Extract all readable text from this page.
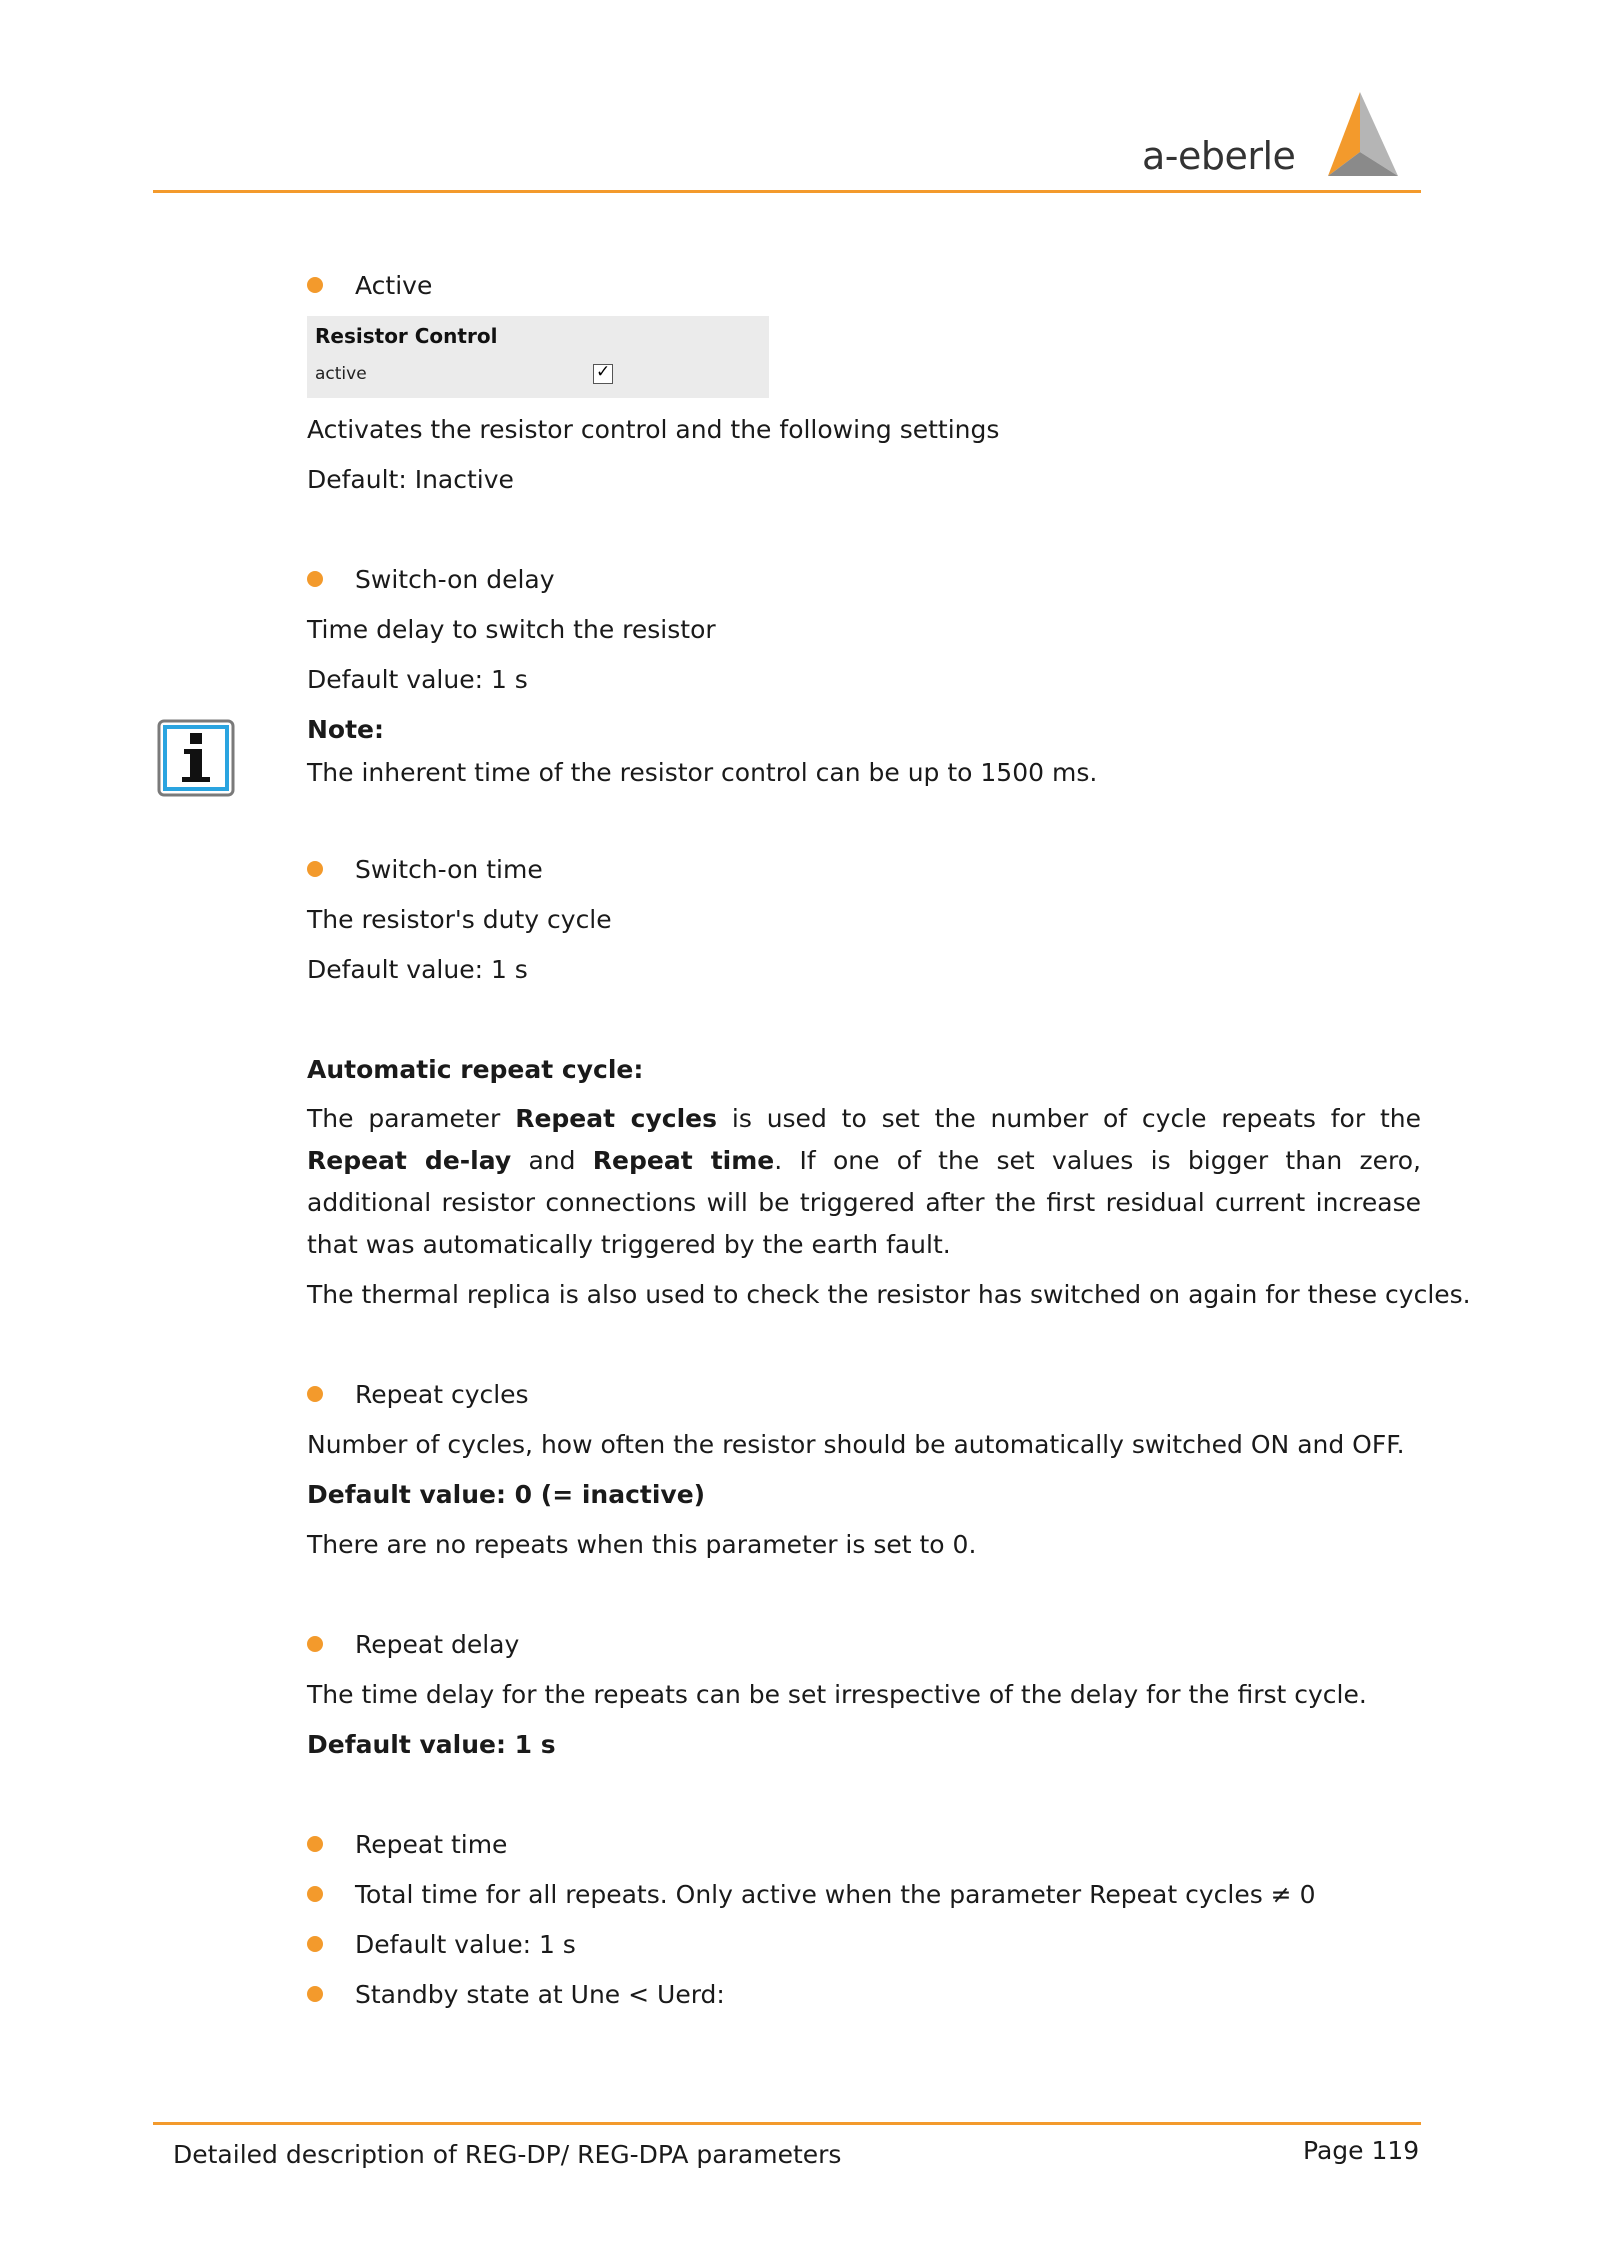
a-eberle
Active
Resistor Control
active	✓
Activates the resistor control and the following settings
Default: Inactive
Switch-on delay
Time delay to switch the resistor
Default value: 1 s
Note:
The inherent time of the resistor control can be up to 1500 ms.
Switch-on time
The resistor's duty cycle
Default value: 1 s
Automatic repeat cycle:
The parameter Repeat cycles is used to set the number of cycle repeats for the Repeat de-lay and Repeat time. If one of the set values is bigger than zero, additional resistor connections will be triggered after the first residual current increase that was automatically triggered by the earth fault.
The thermal replica is also used to check the resistor has switched on again for these cycles.
Repeat cycles
Number of cycles, how often the resistor should be automatically switched ON and OFF.
Default value: 0 (= inactive)
There are no repeats when this parameter is set to 0.
Repeat delay
The time delay for the repeats can be set irrespective of the delay for the first cycle.
Default value: 1 s
Repeat time
Total time for all repeats. Only active when the parameter Repeat cycles ≠ 0
Default value: 1 s
Standby state at Une < Uerd:
Detailed description of REG-DP/ REG-DPA parameters	Page 119
